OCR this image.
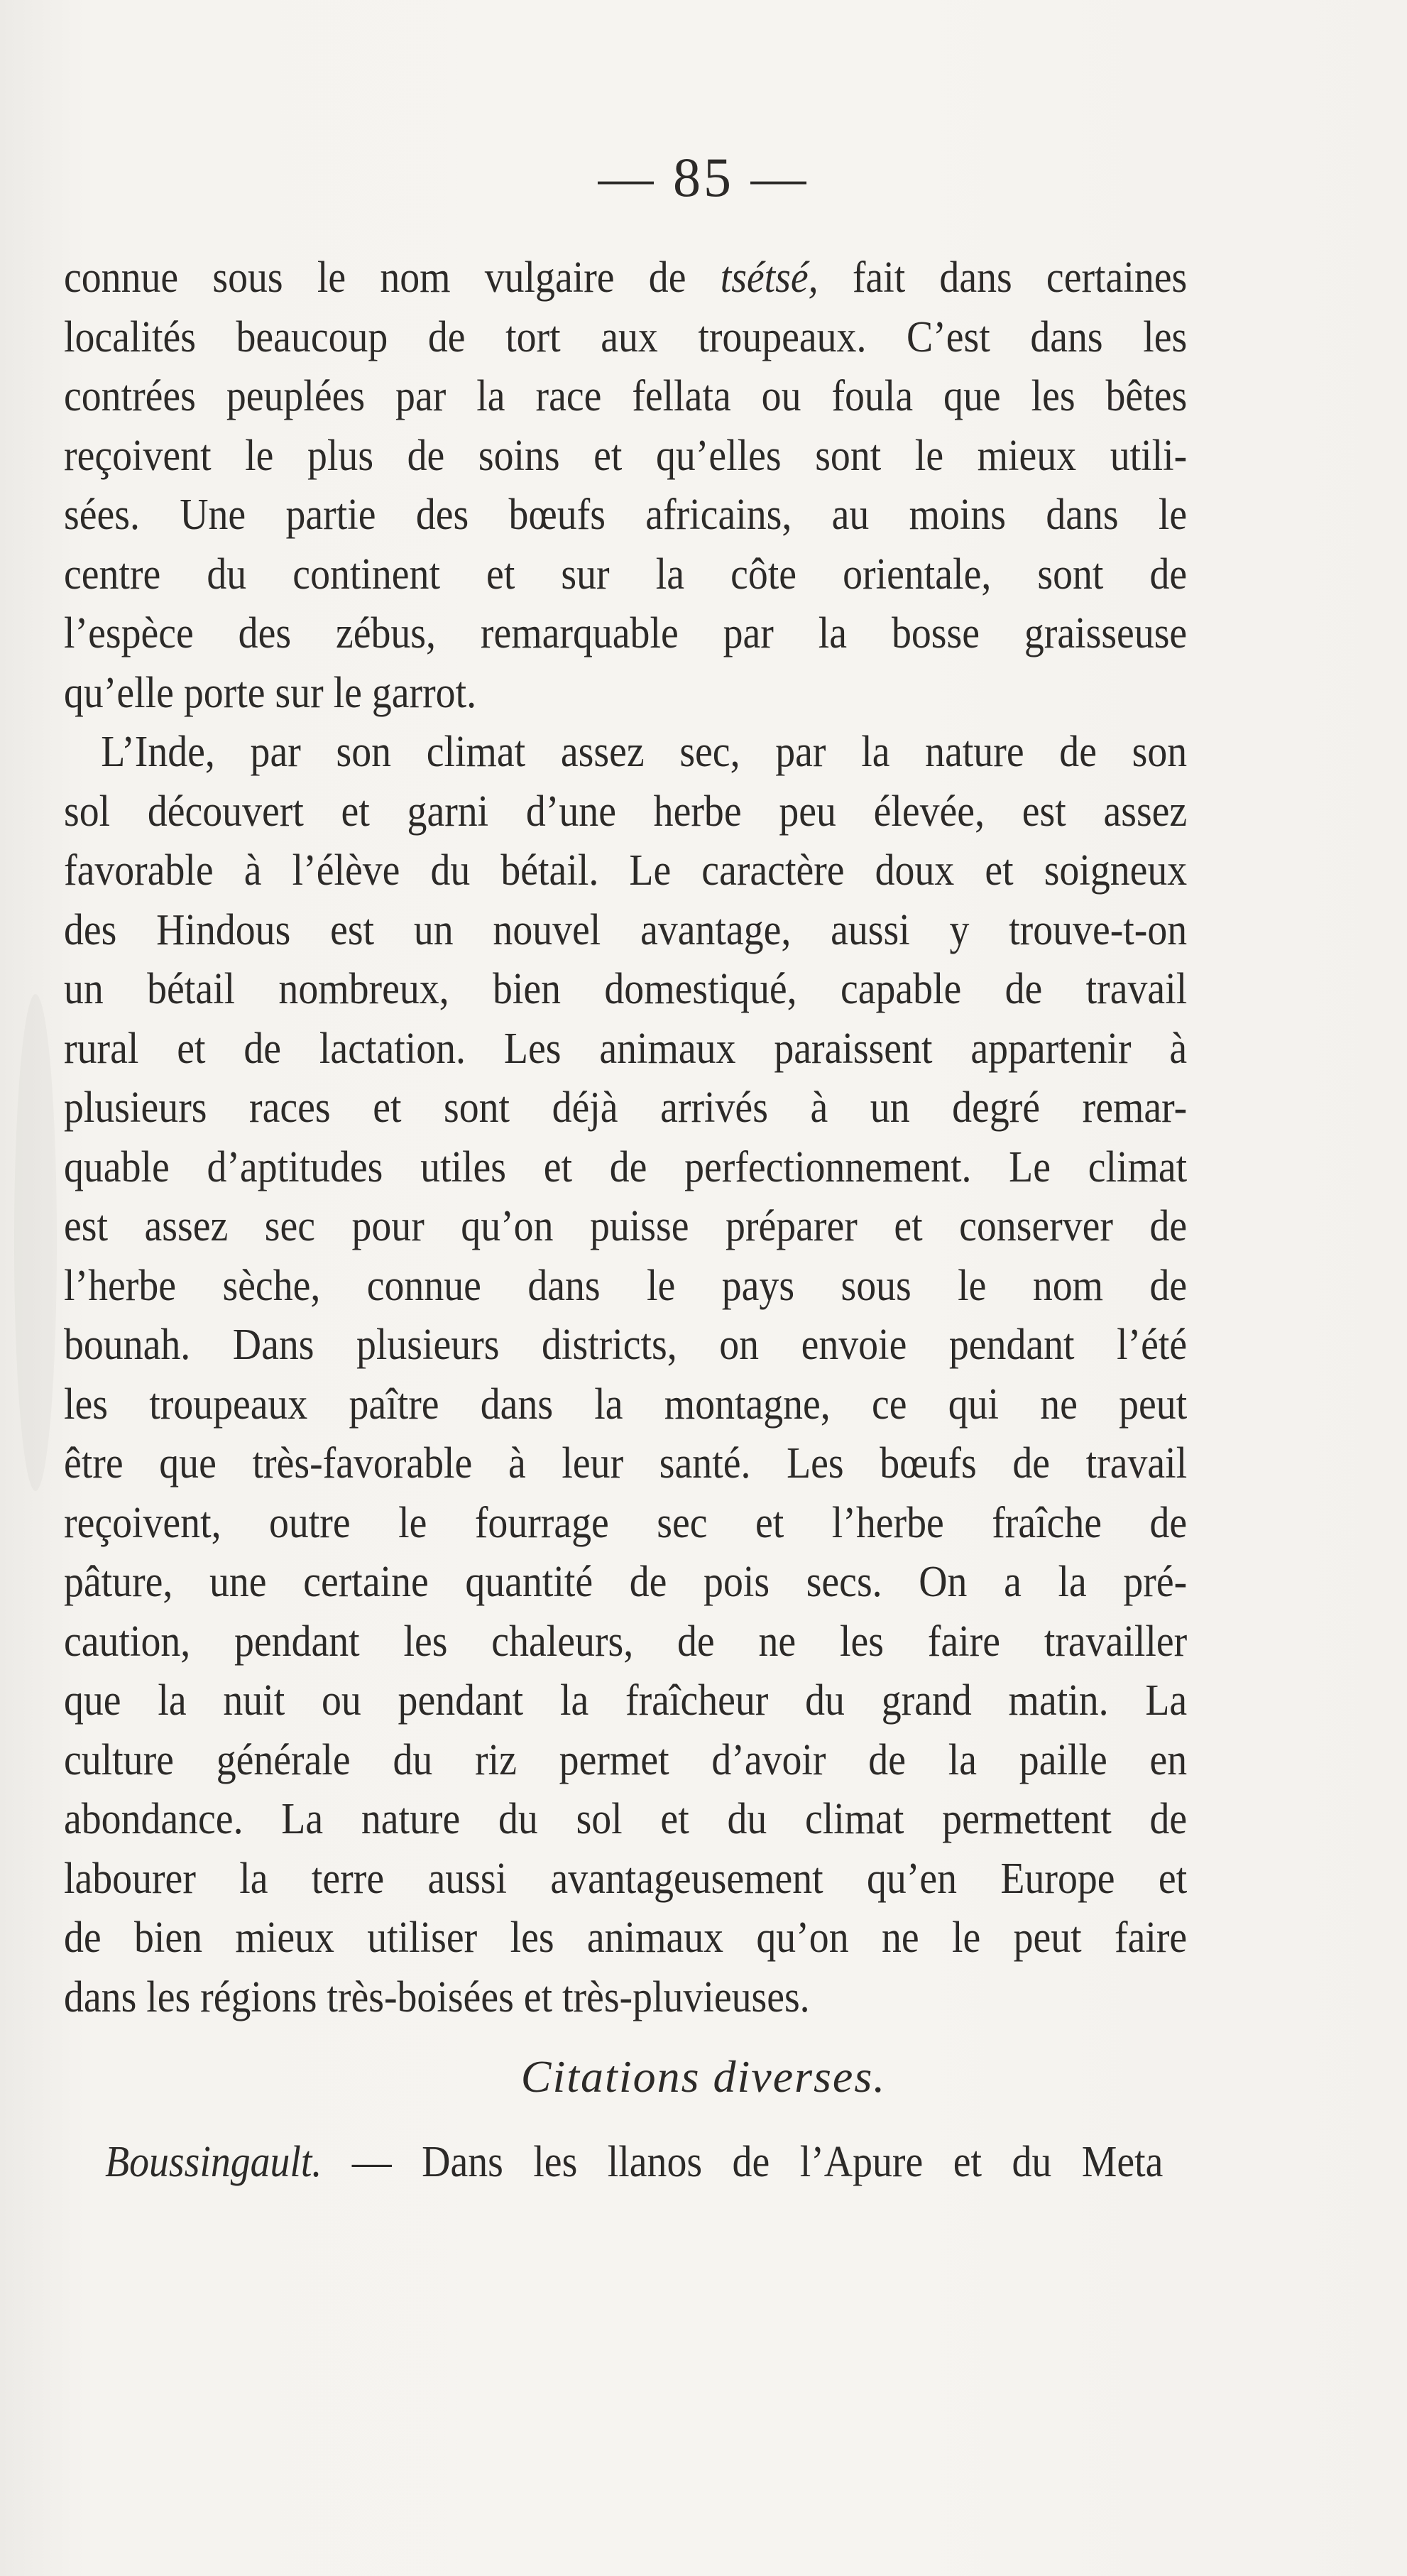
— 85 —

connue sous le nom vulgaire de tsétsé, fait dans certaines
localités beaucoup de tort aux troupeaux. C’est dans les
contrées peuplées par la race fellata ou foula que les bêtes
reçoivent le plus de soins et qu’elles sont le mieux utili-
sées. Une partie des bœufs africains, au moins dans le
centre du continent et sur la côte orientale, sont de
l’espèce des zébus, remarquable par la bosse graisseuse
qu’elle porte sur le garrot.

L’Inde, par son climat assez sec, par la nature de son
sol découvert et garni d’une herbe peu élevée, est assez
favorable à l’élève du bétail. Le caractère doux et soigneux
des Hindous est un nouvel avantage, aussi y trouve-t-on
un bétail nombreux, bien domestiqué, capable de travail
rural et de lactation. Les animaux paraissent appartenir à
plusieurs races et sont déjà arrivés à un degré remar-
quable d’aptitudes utiles et de perfectionnement. Le climat
est assez sec pour qu’on puisse préparer et conserver de
l’herbe sèche, connue dans le pays sous le nom de
bounah. Dans plusieurs districts, on envoie pendant l’été
les troupeaux paître dans la montagne, ce qui ne peut
être que très-favorable à leur santé. Les bœufs de travail
reçoivent, outre le fourrage sec et l’herbe fraîche de
pâture, une certaine quantité de pois secs. On a la pré-
caution, pendant les chaleurs, de ne les faire travailler
que la nuit ou pendant la fraîcheur du grand matin. La
culture générale du riz permet d’avoir de la paille en
abondance. La nature du sol et du climat permettent de
labourer la terre aussi avantageusement qu’en Europe et
de bien mieux utiliser les animaux qu’on ne le peut faire
dans les régions très-boisées et très-pluvieuses.

Citations diverses.
Boussingault. — Dans les llanos de l’Apure et du Meta
